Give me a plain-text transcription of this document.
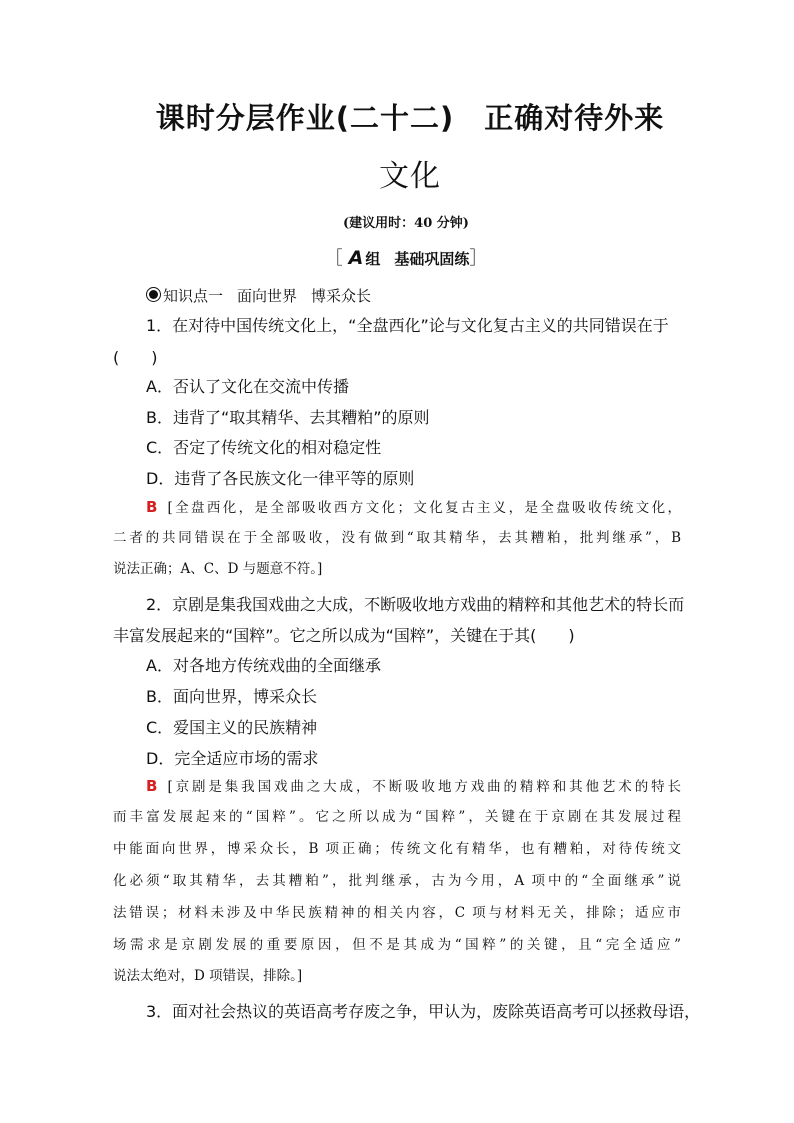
课时分层作业(二十二) 正确对待外来
文化
(建议用时：40 分钟)
［ A 组 基础巩固练］
知识点一 面向世界 博采众长
1．在对待中国传统文化上，“全盘西化”论与文化复古主义的共同错误在于
(　　)
A．否认了文化在交流中传播
B．违背了“取其精华、去其糟粕”的原则
C．否定了传统文化的相对稳定性
D．违背了各民族文化一律平等的原则
B [全盘西化，是全部吸收西方文化；文化复古主义，是全盘吸收传统文化，
二者的共同错误在于全部吸收，没有做到“取其精华，去其糟粕，批判继承”，B
说法正确；A、C、D 与题意不符。]
2．京剧是集我国戏曲之大成，不断吸收地方戏曲的精粹和其他艺术的特长而
丰富发展起来的“国粹”。它之所以成为“国粹”，关键在于其(　　)
A．对各地方传统戏曲的全面继承
B．面向世界，博采众长
C．爱国主义的民族精神
D．完全适应市场的需求
B [京剧是集我国戏曲之大成，不断吸收地方戏曲的精粹和其他艺术的特长
而丰富发展起来的“国粹”。它之所以成为“国粹”，关键在于京剧在其发展过程
中能面向世界，博采众长，B 项正确；传统文化有精华，也有糟粕，对待传统文
化必须“取其精华，去其糟粕”，批判继承，古为今用，A 项中的“全面继承”说
法错误；材料未涉及中华民族精神的相关内容，C 项与材料无关，排除；适应市
场需求是京剧发展的重要原因，但不是其成为“国粹”的关键，且“完全适应”
说法太绝对，D 项错误，排除。]
3．面对社会热议的英语高考存废之争，甲认为，废除英语高考可以拯救母语，
